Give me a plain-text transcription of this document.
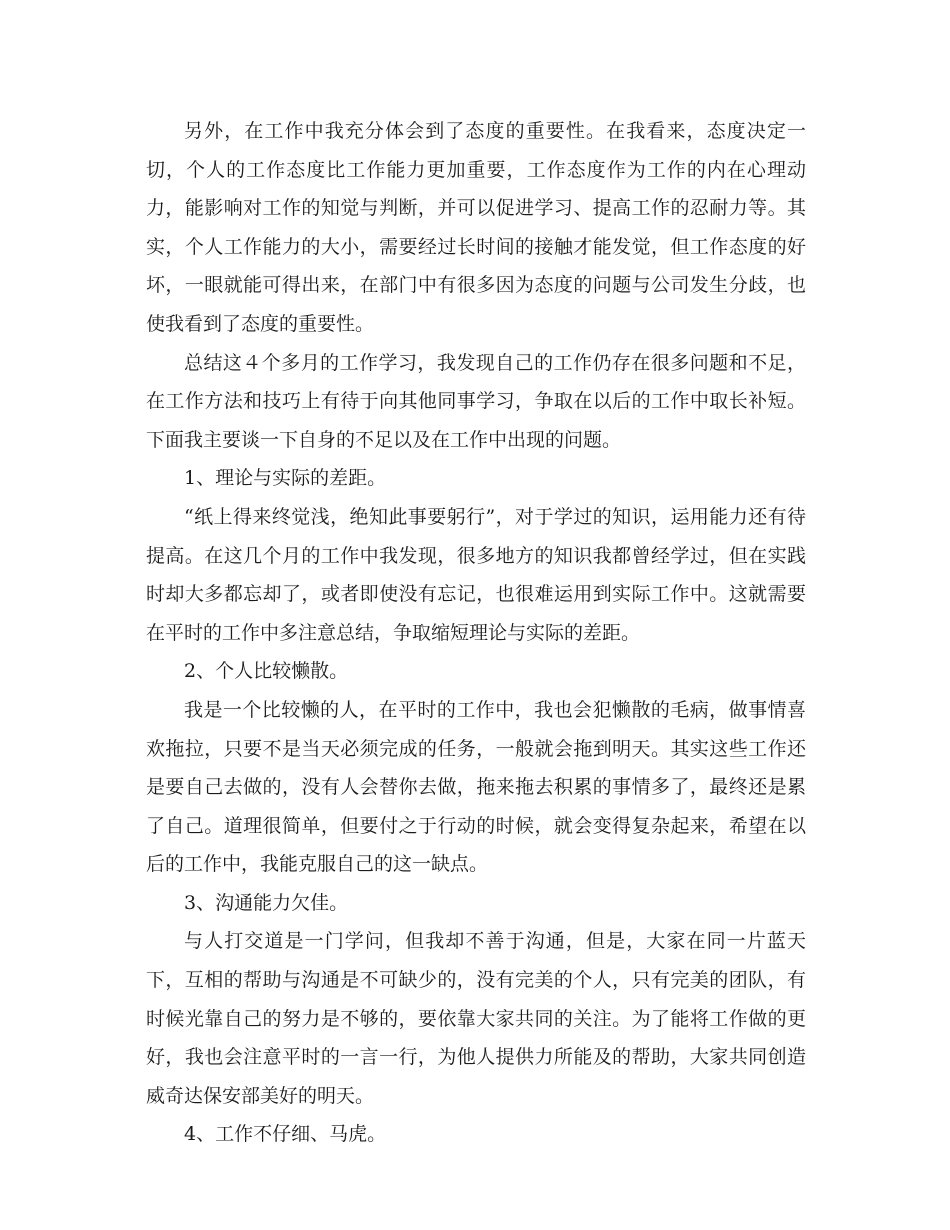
另外，在工作中我充分体会到了态度的重要性。在我看来，态度决定一切，个人的工作态度比工作能力更加重要，工作态度作为工作的内在心理动力，能影响对工作的知觉与判断，并可以促进学习、提高工作的忍耐力等。其实，个人工作能力的大小，需要经过长时间的接触才能发觉，但工作态度的好坏，一眼就能可得出来，在部门中有很多因为态度的问题与公司发生分歧，也使我看到了态度的重要性。

总结这４个多月的工作学习，我发现自己的工作仍存在很多问题和不足，在工作方法和技巧上有待于向其他同事学习，争取在以后的工作中取长补短。下面我主要谈一下自身的不足以及在工作中出现的问题。

1、理论与实际的差距。

“纸上得来终觉浅，绝知此事要躬行”，对于学过的知识，运用能力还有待提高。在这几个月的工作中我发现，很多地方的知识我都曾经学过，但在实践时却大多都忘却了，或者即使没有忘记，也很难运用到实际工作中。这就需要在平时的工作中多注意总结，争取缩短理论与实际的差距。

2、个人比较懒散。

我是一个比较懒的人，在平时的工作中，我也会犯懒散的毛病，做事情喜欢拖拉，只要不是当天必须完成的任务，一般就会拖到明天。其实这些工作还是要自己去做的，没有人会替你去做，拖来拖去积累的事情多了，最终还是累了自己。道理很简单，但要付之于行动的时候，就会变得复杂起来，希望在以后的工作中，我能克服自己的这一缺点。

3、沟通能力欠佳。

与人打交道是一门学问，但我却不善于沟通，但是，大家在同一片蓝天下，互相的帮助与沟通是不可缺少的，没有完美的个人，只有完美的团队，有时候光靠自己的努力是不够的，要依靠大家共同的关注。为了能将工作做的更好，我也会注意平时的一言一行，为他人提供力所能及的帮助，大家共同创造威奇达保安部美好的明天。

4、工作不仔细、马虎。
